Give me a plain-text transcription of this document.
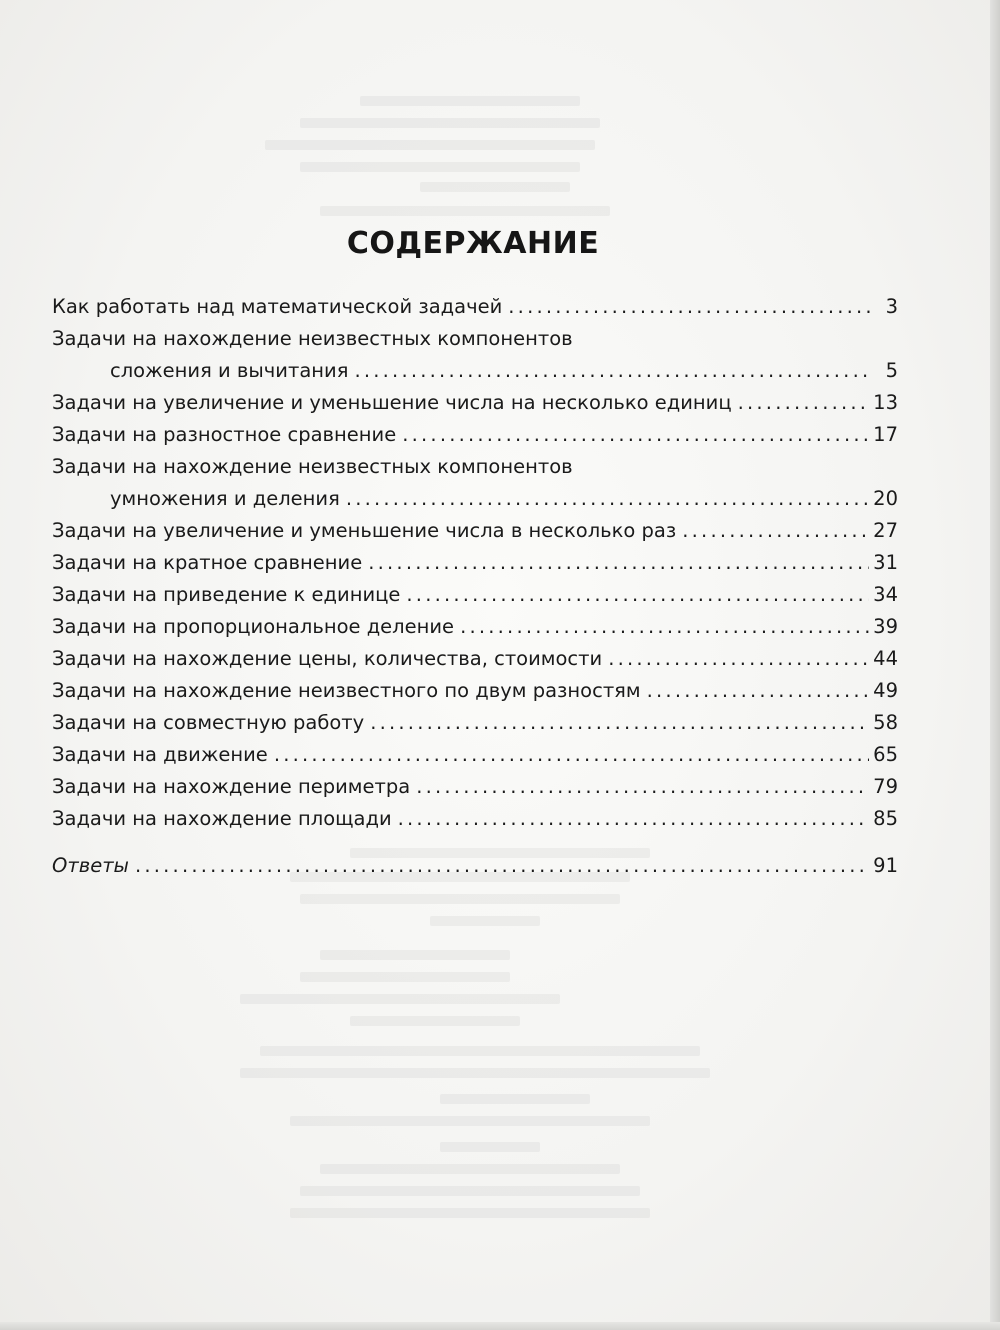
СОДЕРЖАНИЕ
Как работать над математической задачей .....	3
Задачи на нахождение неизвестных компонентов
сложения и вычитания .....	5
Задачи на увеличение и уменьшение числа на несколько единиц .....	13
Задачи на разностное сравнение .....	17
Задачи на нахождение неизвестных компонентов
умножения и деления .....	20
Задачи на увеличение и уменьшение числа в несколько раз .....	27
Задачи на кратное сравнение .....	31
Задачи на приведение к единице .....	34
Задачи на пропорциональное деление .....	39
Задачи на нахождение цены, количества, стоимости .....	44
Задачи на нахождение неизвестного по двум разностям .....	49
Задачи на совместную работу .....	58
Задачи на движение .....	65
Задачи на нахождение периметра .....	79
Задачи на нахождение площади .....	85
Ответы .....	91
